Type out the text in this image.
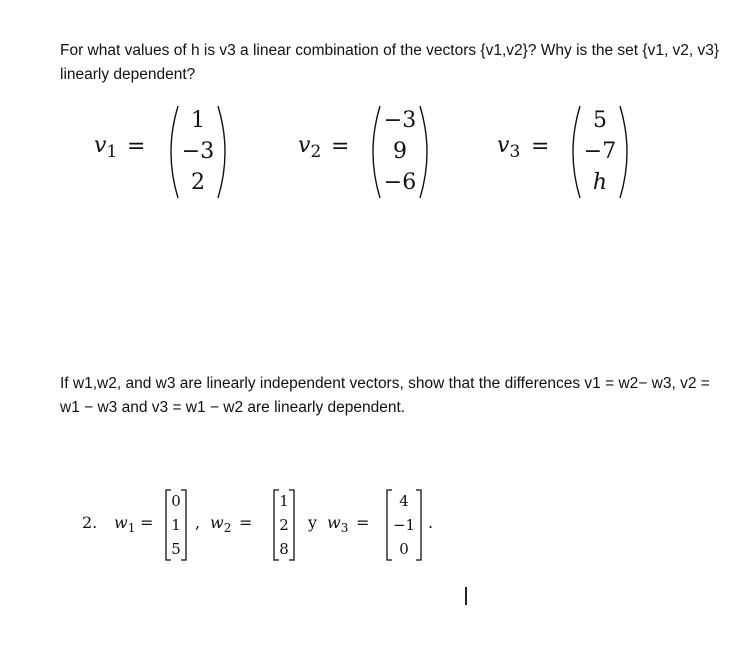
For what values of h is v3 a linear combination of the vectors {v1,v2}? Why is the set {v1, v2, v3} linearly dependent?
$v_1$ =
1
−3
2
$v_2$ =
−3
9
−6
$v_3$ =
5
−7
h
If w1,w2, and w3 are linearly independent vectors, show that the differences v1 = w2− w3, v2 = w1 − w3 and v3 = w1 − w2 are linearly dependent.
2. $w_1$ =
0
1
5
, $w_2$ =
1
2
8
y $w_3$ =
4
−1
0
.
